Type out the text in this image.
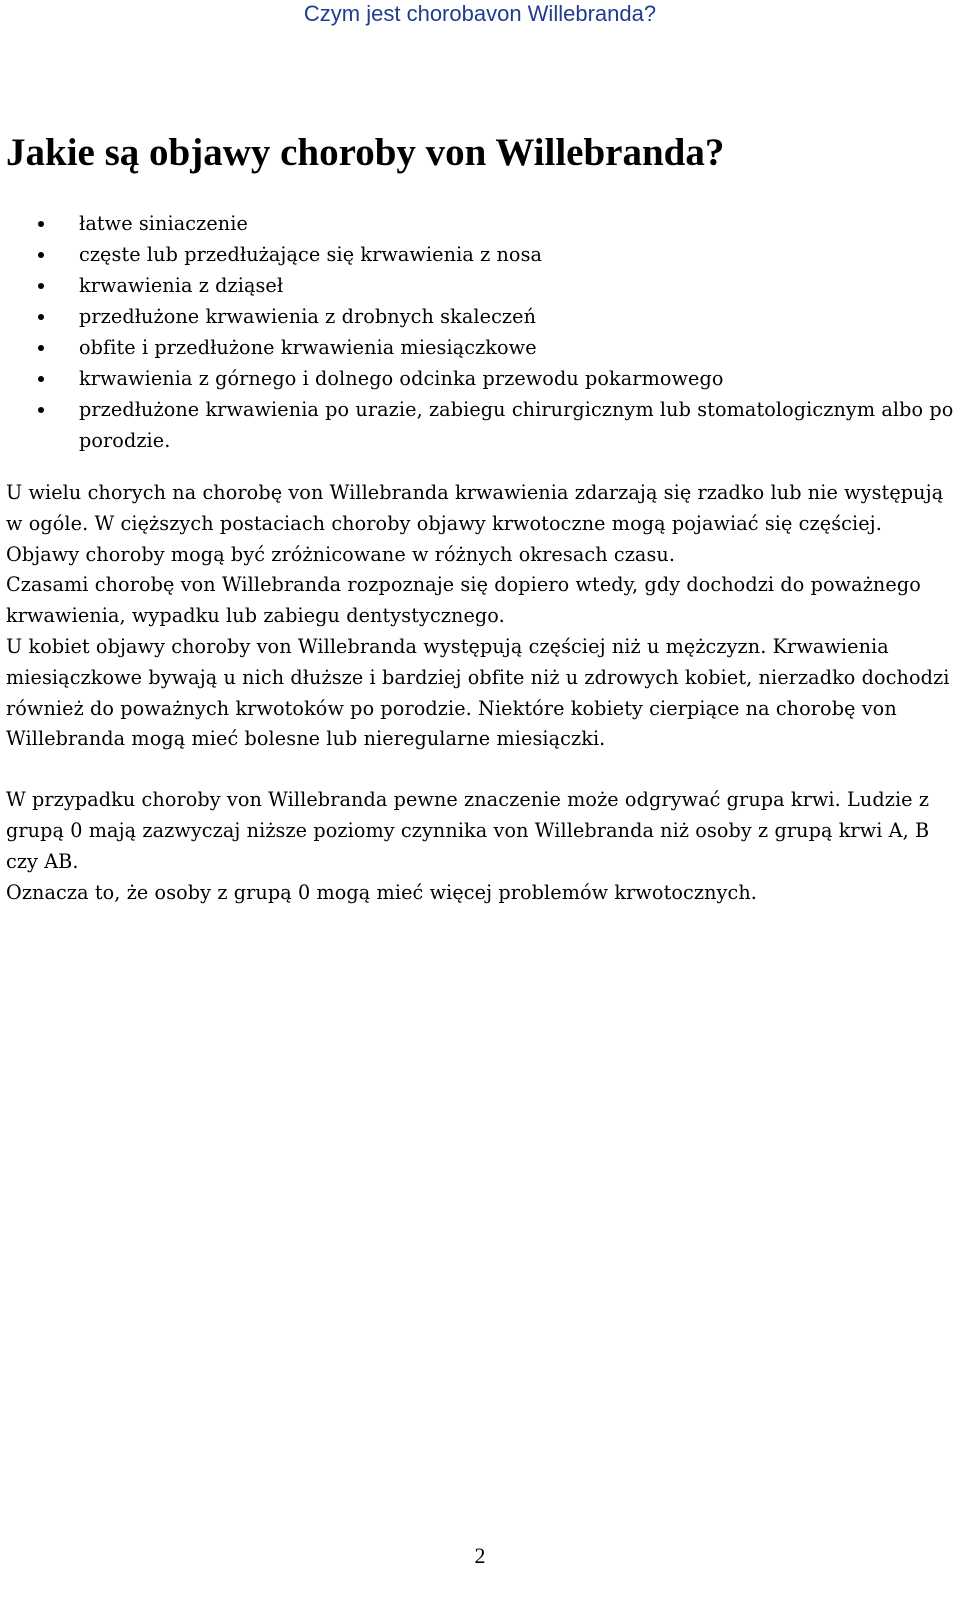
Czym jest chorobavon Willebranda?
Jakie są objawy choroby von Willebranda?
łatwe siniaczenie
częste lub przedłużające się krwawienia z nosa
krwawienia z dziąseł
przedłużone krwawienia z drobnych skaleczeń
obfite i przedłużone krwawienia miesiączkowe
krwawienia z górnego i dolnego odcinka przewodu pokarmowego
przedłużone krwawienia po urazie, zabiegu chirurgicznym lub stomatologicznym albo po porodzie.

U wielu chorych na chorobę von Willebranda krwawienia zdarzają się rzadko lub nie występują w ogóle. W cięższych postaciach choroby objawy krwotoczne mogą pojawiać się częściej. Objawy choroby mogą być zróżnicowane w różnych okresach czasu.

Czasami chorobę von Willebranda rozpoznaje się dopiero wtedy, gdy dochodzi do poważnego krwawienia, wypadku lub zabiegu dentystycznego.

U kobiet objawy choroby von Willebranda występują częściej niż u mężczyzn. Krwawienia miesiączkowe bywają u nich dłuższe i bardziej obfite niż u zdrowych kobiet, nierzadko dochodzi również do poważnych krwotoków po porodzie. Niektóre kobiety cierpiące na chorobę von Willebranda mogą mieć bolesne lub nieregularne miesiączki.

W przypadku choroby von Willebranda pewne znaczenie może odgrywać grupa krwi. Ludzie z grupą 0 mają zazwyczaj niższe poziomy czynnika von Willebranda niż osoby z grupą krwi A, B czy AB.

Oznacza to, że osoby z grupą 0 mogą mieć więcej problemów krwotocznych.

2
